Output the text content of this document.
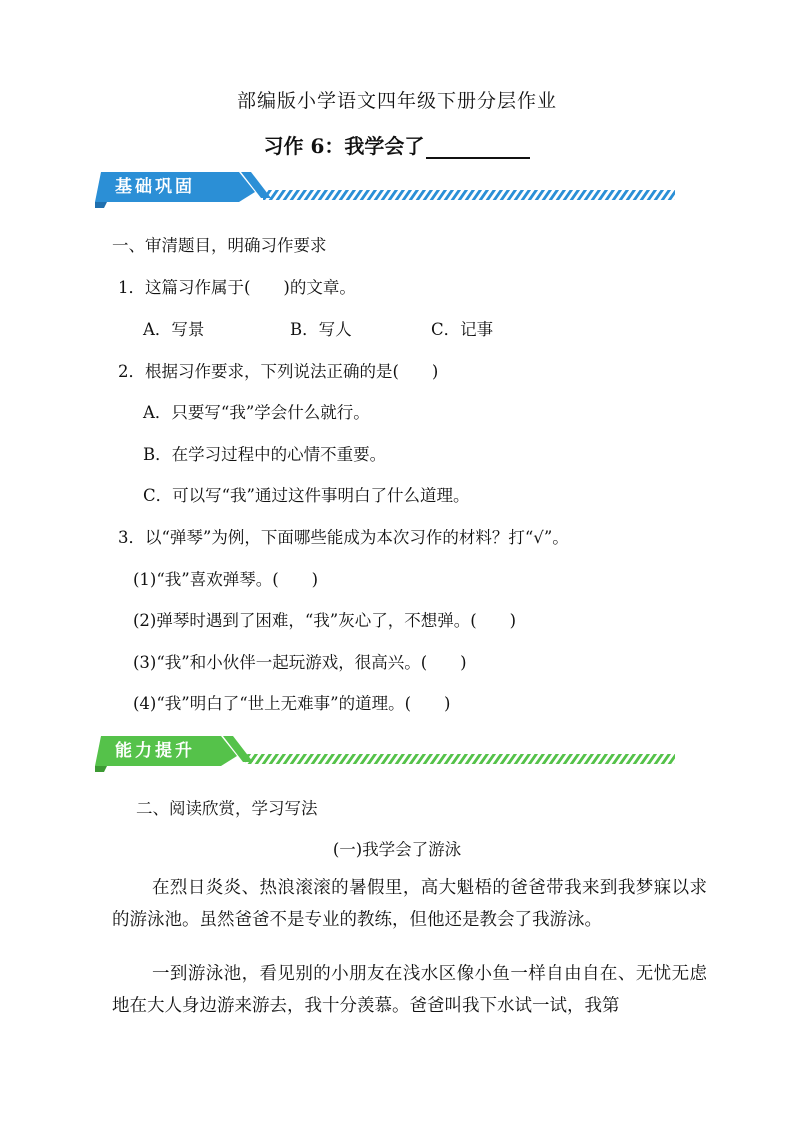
部编版小学语文四年级下册分层作业
习作 6：我学会了
基础巩固
一、审清题目，明确习作要求
1．这篇习作属于(　　)的文章。
A．写景	B．写人	C．记事
2．根据习作要求，下列说法正确的是(　　)
A．只要写“我”学会什么就行。
B．在学习过程中的心情不重要。
C．可以写“我”通过这件事明白了什么道理。
3．以“弹琴”为例，下面哪些能成为本次习作的材料？打“√”。
(1)“我”喜欢弹琴。(　　)
(2)弹琴时遇到了困难，“我”灰心了，不想弹。(　　)
(3)“我”和小伙伴一起玩游戏，很高兴。(　　)
(4)“我”明白了“世上无难事”的道理。(　　)
能力提升
二、阅读欣赏，学习写法
(一)我学会了游泳
在烈日炎炎、热浪滚滚的暑假里，高大魁梧的爸爸带我来到我梦寐以求的游泳池。虽然爸爸不是专业的教练，但他还是教会了我游泳。
一到游泳池，看见别的小朋友在浅水区像小鱼一样自由自在、无忧无虑地在大人身边游来游去，我十分羡慕。爸爸叫我下水试一试，我第
